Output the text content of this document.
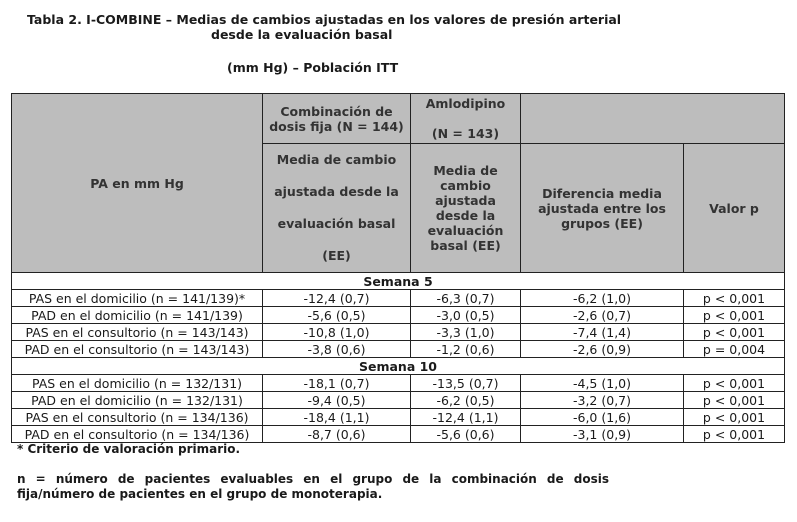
Tabla 2. I-COMBINE – Medias de cambios ajustadas en los valores de presión arterial
desde la evaluación basal
(mm Hg) – Población ITT
PA en mm Hg	Combinación de dosis fija (N = 144)	Amlodipino
(N = 143)		

	Media de cambio ajustada desde la evaluación basal (EE)	Media de cambio ajustada desde la evaluación basal (EE)	Diferencia media ajustada entre los grupos (EE)	Valor p
Semana 5				
PAS en el domicilio (n = 141/139)*	-12,4 (0,7)	-6,3 (0,7)	-6,2 (1,0)	p < 0,001
PAD en el domicilio (n = 141/139)	-5,6 (0,5)	-3,0 (0,5)	-2,6 (0,7)	p < 0,001
PAS en el consultorio (n = 143/143)	-10,8 (1,0)	-3,3 (1,0)	-7,4 (1,4)	p < 0,001
PAD en el consultorio (n = 143/143)	-3,8 (0,6)	-1,2 (0,6)	-2,6 (0,9)	p = 0,004
Semana 10				
PAS en el domicilio (n = 132/131)	-18,1 (0,7)	-13,5 (0,7)	-4,5 (1,0)	p < 0,001
PAD en el domicilio (n = 132/131)	-9,4 (0,5)	-6,2 (0,5)	-3,2 (0,7)	p < 0,001
PAS en el consultorio (n = 134/136)	-18,4 (1,1)	-12,4 (1,1)	-6,0 (1,6)	p < 0,001
PAD en el consultorio (n = 134/136)	-8,7 (0,6)	-5,6 (0,6)	-3,1 (0,9)	p < 0,001
* Criterio de valoración primario.
n = número de pacientes evaluables en el grupo de la combinación de dosis
fija/número de pacientes en el grupo de monoterapia.
